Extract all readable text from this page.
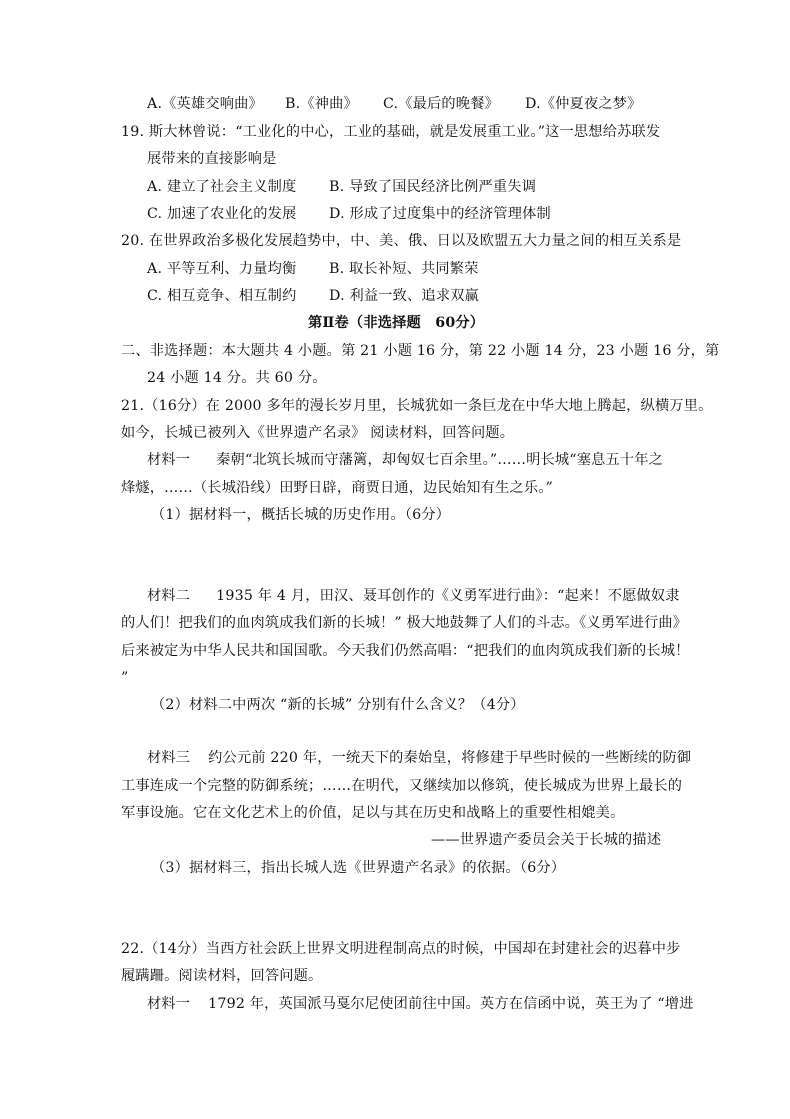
A.《英雄交响曲》 B.《神曲》 C.《最后的晚餐》 D.《仲夏夜之梦》
19. 斯大林曾说：“工业化的中心，工业的基础，就是发展重工业。”这一思想给苏联发
展带来的直接影响是
A. 建立了社会主义制度 B. 导致了国民经济比例严重失调
C. 加速了农业化的发展 D. 形成了过度集中的经济管理体制
20. 在世界政治多极化发展趋势中，中、美、俄、日以及欧盟五大力量之间的相互关系是
A. 平等互利、力量均衡 B. 取长补短、共同繁荣
C. 相互竞争、相互制约 D. 利益一致、追求双赢
第Ⅱ卷（非选择题　60分）
二、非选择题：本大题共 4 小题。第 21 小题 16 分，第 22 小题 14 分，23 小题 16 分，第
24 小题 14 分。共 60 分。
21.（16分）在 2000 多年的漫长岁月里，长城犹如一条巨龙在中华大地上腾起，纵横万里。
如今，长城已被列入《世界遗产名录》 阅读材料，回答问题。
材料一 秦朝“北筑长城而守藩篱，却匈奴七百余里。”……明长城“塞息五十年之
烽燧，……（长城沿线）田野日辟，商贾日通，边民始知有生之乐。”
（1）据材料一，概括长城的历史作用。（6分）
材料二 1935 年 4 月，田汉、聂耳创作的《义勇军进行曲》：“起来！不愿做奴隶
的人们！把我们的血肉筑成我们新的长城！” 极大地鼓舞了人们的斗志。《义勇军进行曲》
后来被定为中华人民共和国国歌。今天我们仍然高唱：“把我们的血肉筑成我们新的长城！
”
（2）材料二中两次 “新的长城” 分别有什么含义？（4分）
材料三 约公元前 220 年，一统天下的秦始皇，将修建于早些时候的一些断续的防御
工事连成一个完整的防御系统；……在明代，又继续加以修筑，使长城成为世界上最长的
军事设施。它在文化艺术上的价值，足以与其在历史和战略上的重要性相媲美。
——世界遗产委员会关于长城的描述
（3）据材料三，指出长城人选《世界遗产名录》的依据。（6分）
22.（14分）当西方社会跃上世界文明进程制高点的时候，中国却在封建社会的迟暮中步
履蹒跚。阅读材料，回答问题。
材料一 1792 年，英国派马戛尔尼使团前往中国。英方在信函中说，英王为了 “增进
